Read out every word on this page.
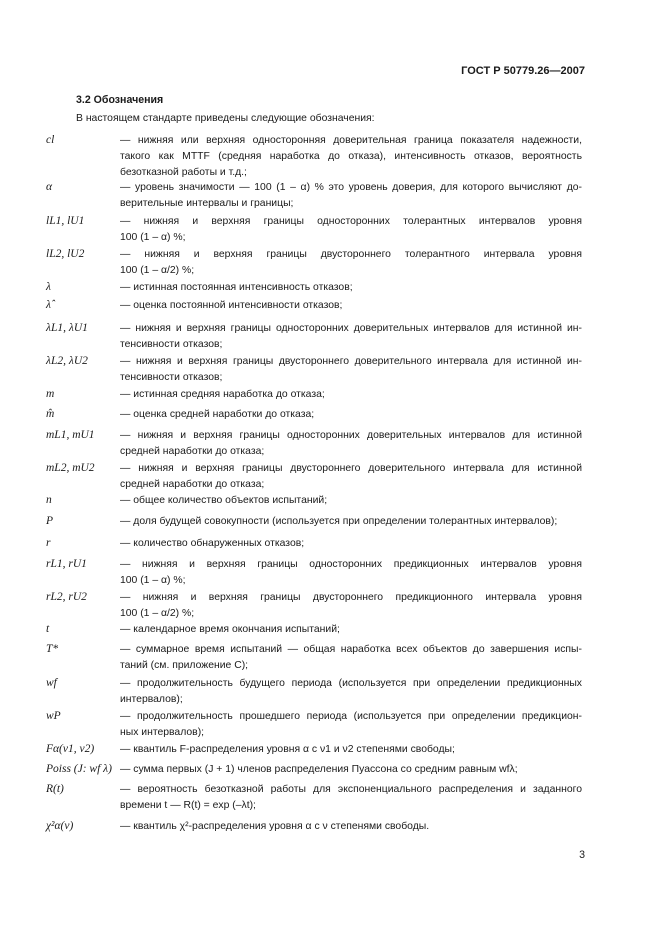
ГОСТ Р 50779.26—2007
3.2 Обозначения
В настоящем стандарте приведены следующие обозначения:
cl	— нижняя или верхняя односторонняя доверительная граница показателя надежности,
такого как MTTF (средняя наработка до отказа), интенсивность отказов, вероятность
безотказной работы и т.д.;
α	— уровень значимости — 100 (1 – α) % это уровень доверия, для которого вычисляют до-
верительные интервалы и границы;
lL1, lU1	— нижняя и верхняя границы односторонних толерантных интервалов уровня
100 (1 – α) %;
lL2, lU2	— нижняя и верхняя границы двустороннего толерантного интервала уровня
100 (1 – α/2) %;
λ	— истинная постоянная интенсивность отказов;
λ̂	— оценка постоянной интенсивности отказов;
λL1, λU1	— нижняя и верхняя границы односторонних доверительных интервалов для истинной ин-
тенсивности отказов;
λL2, λU2	— нижняя и верхняя границы двустороннего доверительного интервала для истинной ин-
тенсивности отказов;
m	— истинная средняя наработка до отказа;
m̂	— оценка средней наработки до отказа;
mL1, mU1	— нижняя и верхняя границы односторонних доверительных интервалов для истинной
средней наработки до отказа;
mL2, mU2	— нижняя и верхняя границы двустороннего доверительного интервала для истинной
средней наработки до отказа;
n	— общее количество объектов испытаний;
P	— доля будущей совокупности (используется при определении толерантных интервалов);
r	— количество обнаруженных отказов;
rL1, rU1	— нижняя и верхняя границы односторонних предикционных интервалов уровня
100 (1 – α) %;
rL2, rU2	— нижняя и верхняя границы двустороннего предикционного интервала уровня
100 (1 – α/2) %;
t	— календарное время окончания испытаний;
T*	— суммарное время испытаний — общая наработка всех объектов до завершения испы-
таний (см. приложение С);
wf	— продолжительность будущего периода (используется при определении предикционных
интервалов);
wP	— продолжительность прошедшего периода (используется при определении предикцион-
ных интервалов);
Fα(ν1, ν2)	— квантиль F-распределения уровня α с ν1 и ν2 степенями свободы;
Poiss (J: wf λ) — сумма первых (J + 1) членов распределения Пуассона со средним равным wfλ;
R(t)	— вероятность безотказной работы для экспоненциального распределения и заданного
времени t — R(t) = exp (–λt);
χ²α(ν)	— квантиль χ²-распределения уровня α с ν степенями свободы.
3
